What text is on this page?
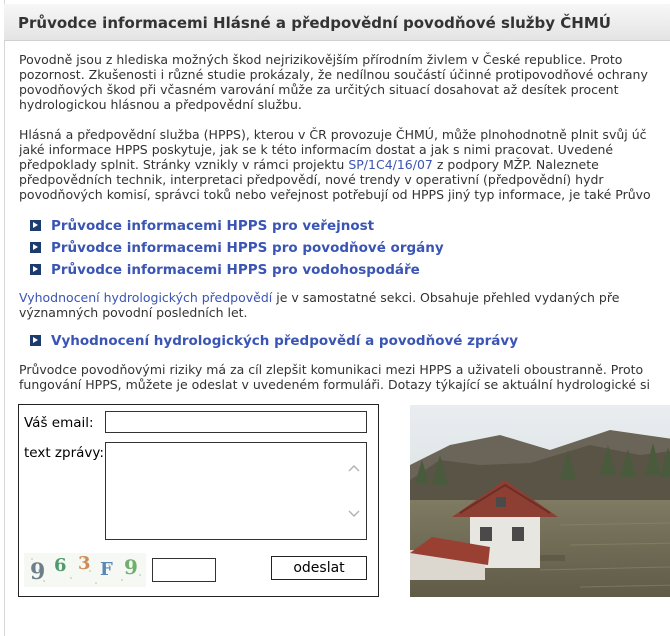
Průvodce informacemi Hlásné a předpovědní povodňové služby ČHMÚ

Povodně jsou z hlediska možných škod nejrizikovějším přírodním živlem v České republice. Proto
pozornost. Zkušenosti i různé studie prokázaly, že nedílnou součástí účinné protipovodňové ochrany
povodňových škod při včasném varování může za určitých situací dosahovat až desítek procent
hydrologickou hlásnou a předpovědní službu.

Hlásná a předpovědní služba (HPPS), kterou v ČR provozuje ČHMÚ, může plnohodnotně plnit svůj úč
jaké informace HPPS poskytuje, jak se k této informacím dostat a jak s nimi pracovat. Uvedené
předpoklady splnit. Stránky vznikly v rámci projektu SP/1C4/16/07 z podpory MŽP. Naleznete
předpovědních technik, interpretaci předpovědí, nové trendy v operativní (předpovědní) hydr
povodňových komisí, správci toků nebo veřejnost potřebují od HPPS jiný typ informace, je také Průvo

Průvodce informacemi HPPS pro veřejnost
Průvodce informacemi HPPS pro povodňové orgány
Průvodce informacemi HPPS pro vodohospodáře

Vyhodnocení hydrologických předpovědí je v samostatné sekci. Obsahuje přehled vydaných pře
významných povodní posledních let.

Vyhodnocení hydrologických předpovědí a povodňové zprávy

Průvodce povodňovými riziky má za cíl zlepšit komunikaci mezi HPPS a uživateli oboustranně. Proto
fungování HPPS, můžete je odeslat v uvedeném formuláři. Dotazy týkající se aktuální hydrologické si

Váš email:
text zprávy:
9 6 3 F 9	odeslat
